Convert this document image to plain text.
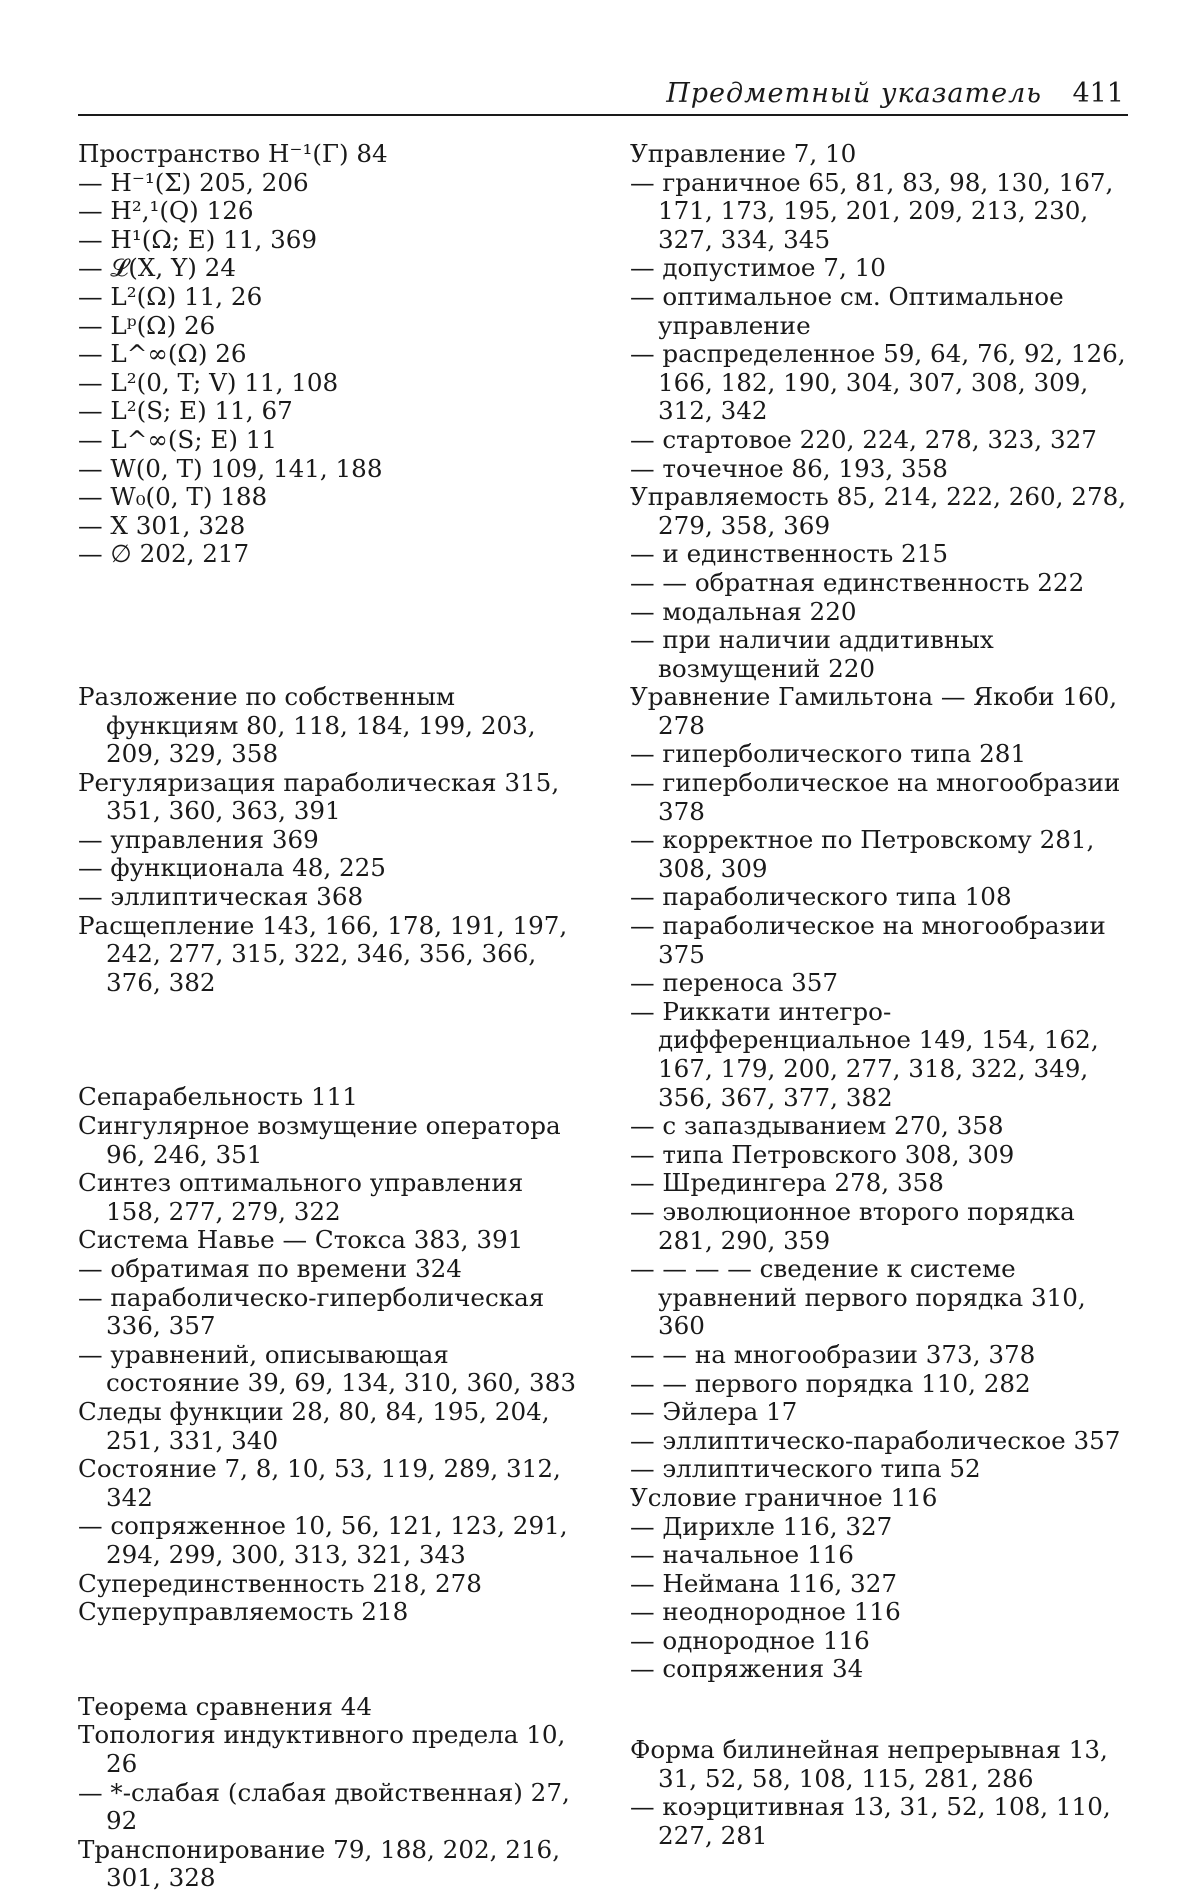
Предметный указатель 411
Пространство H⁻¹(Γ) 84
— H⁻¹(Σ) 205, 206
— H²,¹(Q) 126
— H¹(Ω; E) 11, 369
— 𝓛(X, Y) 24
— L²(Ω) 11, 26
— Lᵖ(Ω) 26
— L^∞(Ω) 26
— L²(0, T; V) 11, 108
— L²(S; E) 11, 67
— L^∞(S; E) 11
— W(0, T) 109, 141, 188
— W₀(0, T) 188
— X 301, 328
— ∅ 202, 217
Разложение по собственным функциям 80, 118, 184, 199, 203, 209, 329, 358
Регуляризация параболическая 315, 351, 360, 363, 391
— управления 369
— функционала 48, 225
— эллиптическая 368
Расщепление 143, 166, 178, 191, 197, 242, 277, 315, 322, 346, 356, 366, 376, 382
Сепарабельность 111
Сингулярное возмущение оператора 96, 246, 351
Синтез оптимального управления 158, 277, 279, 322
Система Навье — Стокса 383, 391
— обратимая по времени 324
— параболическо-гиперболическая 336, 357
— уравнений, описывающая состояние 39, 69, 134, 310, 360, 383
Следы функции 28, 80, 84, 195, 204, 251, 331, 340
Состояние 7, 8, 10, 53, 119, 289, 312, 342
— сопряженное 10, 56, 121, 123, 291, 294, 299, 300, 313, 321, 343
Суперединственность 218, 278
Суперуправляемость 218
Теорема сравнения 44
Топология индуктивного предела 10, 26
— *-слабая (слабая двойственная) 27, 92
Транспонирование 79, 188, 202, 216, 301, 328
Управление 7, 10
— граничное 65, 81, 83, 98, 130, 167, 171, 173, 195, 201, 209, 213, 230, 327, 334, 345
— допустимое 7, 10
— оптимальное см. Оптимальное управление
— распределенное 59, 64, 76, 92, 126, 166, 182, 190, 304, 307, 308, 309, 312, 342
— стартовое 220, 224, 278, 323, 327
— точечное 86, 193, 358
Управляемость 85, 214, 222, 260, 278, 279, 358, 369
— и единственность 215
— — обратная единственность 222
— модальная 220
— при наличии аддитивных возмущений 220
Уравнение Гамильтона — Якоби 160, 278
— гиперболического типа 281
— гиперболическое на многообразии 378
— корректное по Петровскому 281, 308, 309
— параболического типа 108
— параболическое на многообразии 375
— переноса 357
— Риккати интегро-дифференциальное 149, 154, 162, 167, 179, 200, 277, 318, 322, 349, 356, 367, 377, 382
— с запаздыванием 270, 358
— типа Петровского 308, 309
— Шредингера 278, 358
— эволюционное второго порядка 281, 290, 359
— — — — сведение к системе уравнений первого порядка 310, 360
— — на многообразии 373, 378
— — первого порядка 110, 282
— Эйлера 17
— эллиптическо-параболическое 357
— эллиптического типа 52
Условие граничное 116
— Дирихле 116, 327
— начальное 116
— Неймана 116, 327
— неоднородное 116
— однородное 116
— сопряжения 34
Форма билинейная непрерывная 13, 31, 52, 58, 108, 115, 281, 286
— коэрцитивная 13, 31, 52, 108, 110, 227, 281
